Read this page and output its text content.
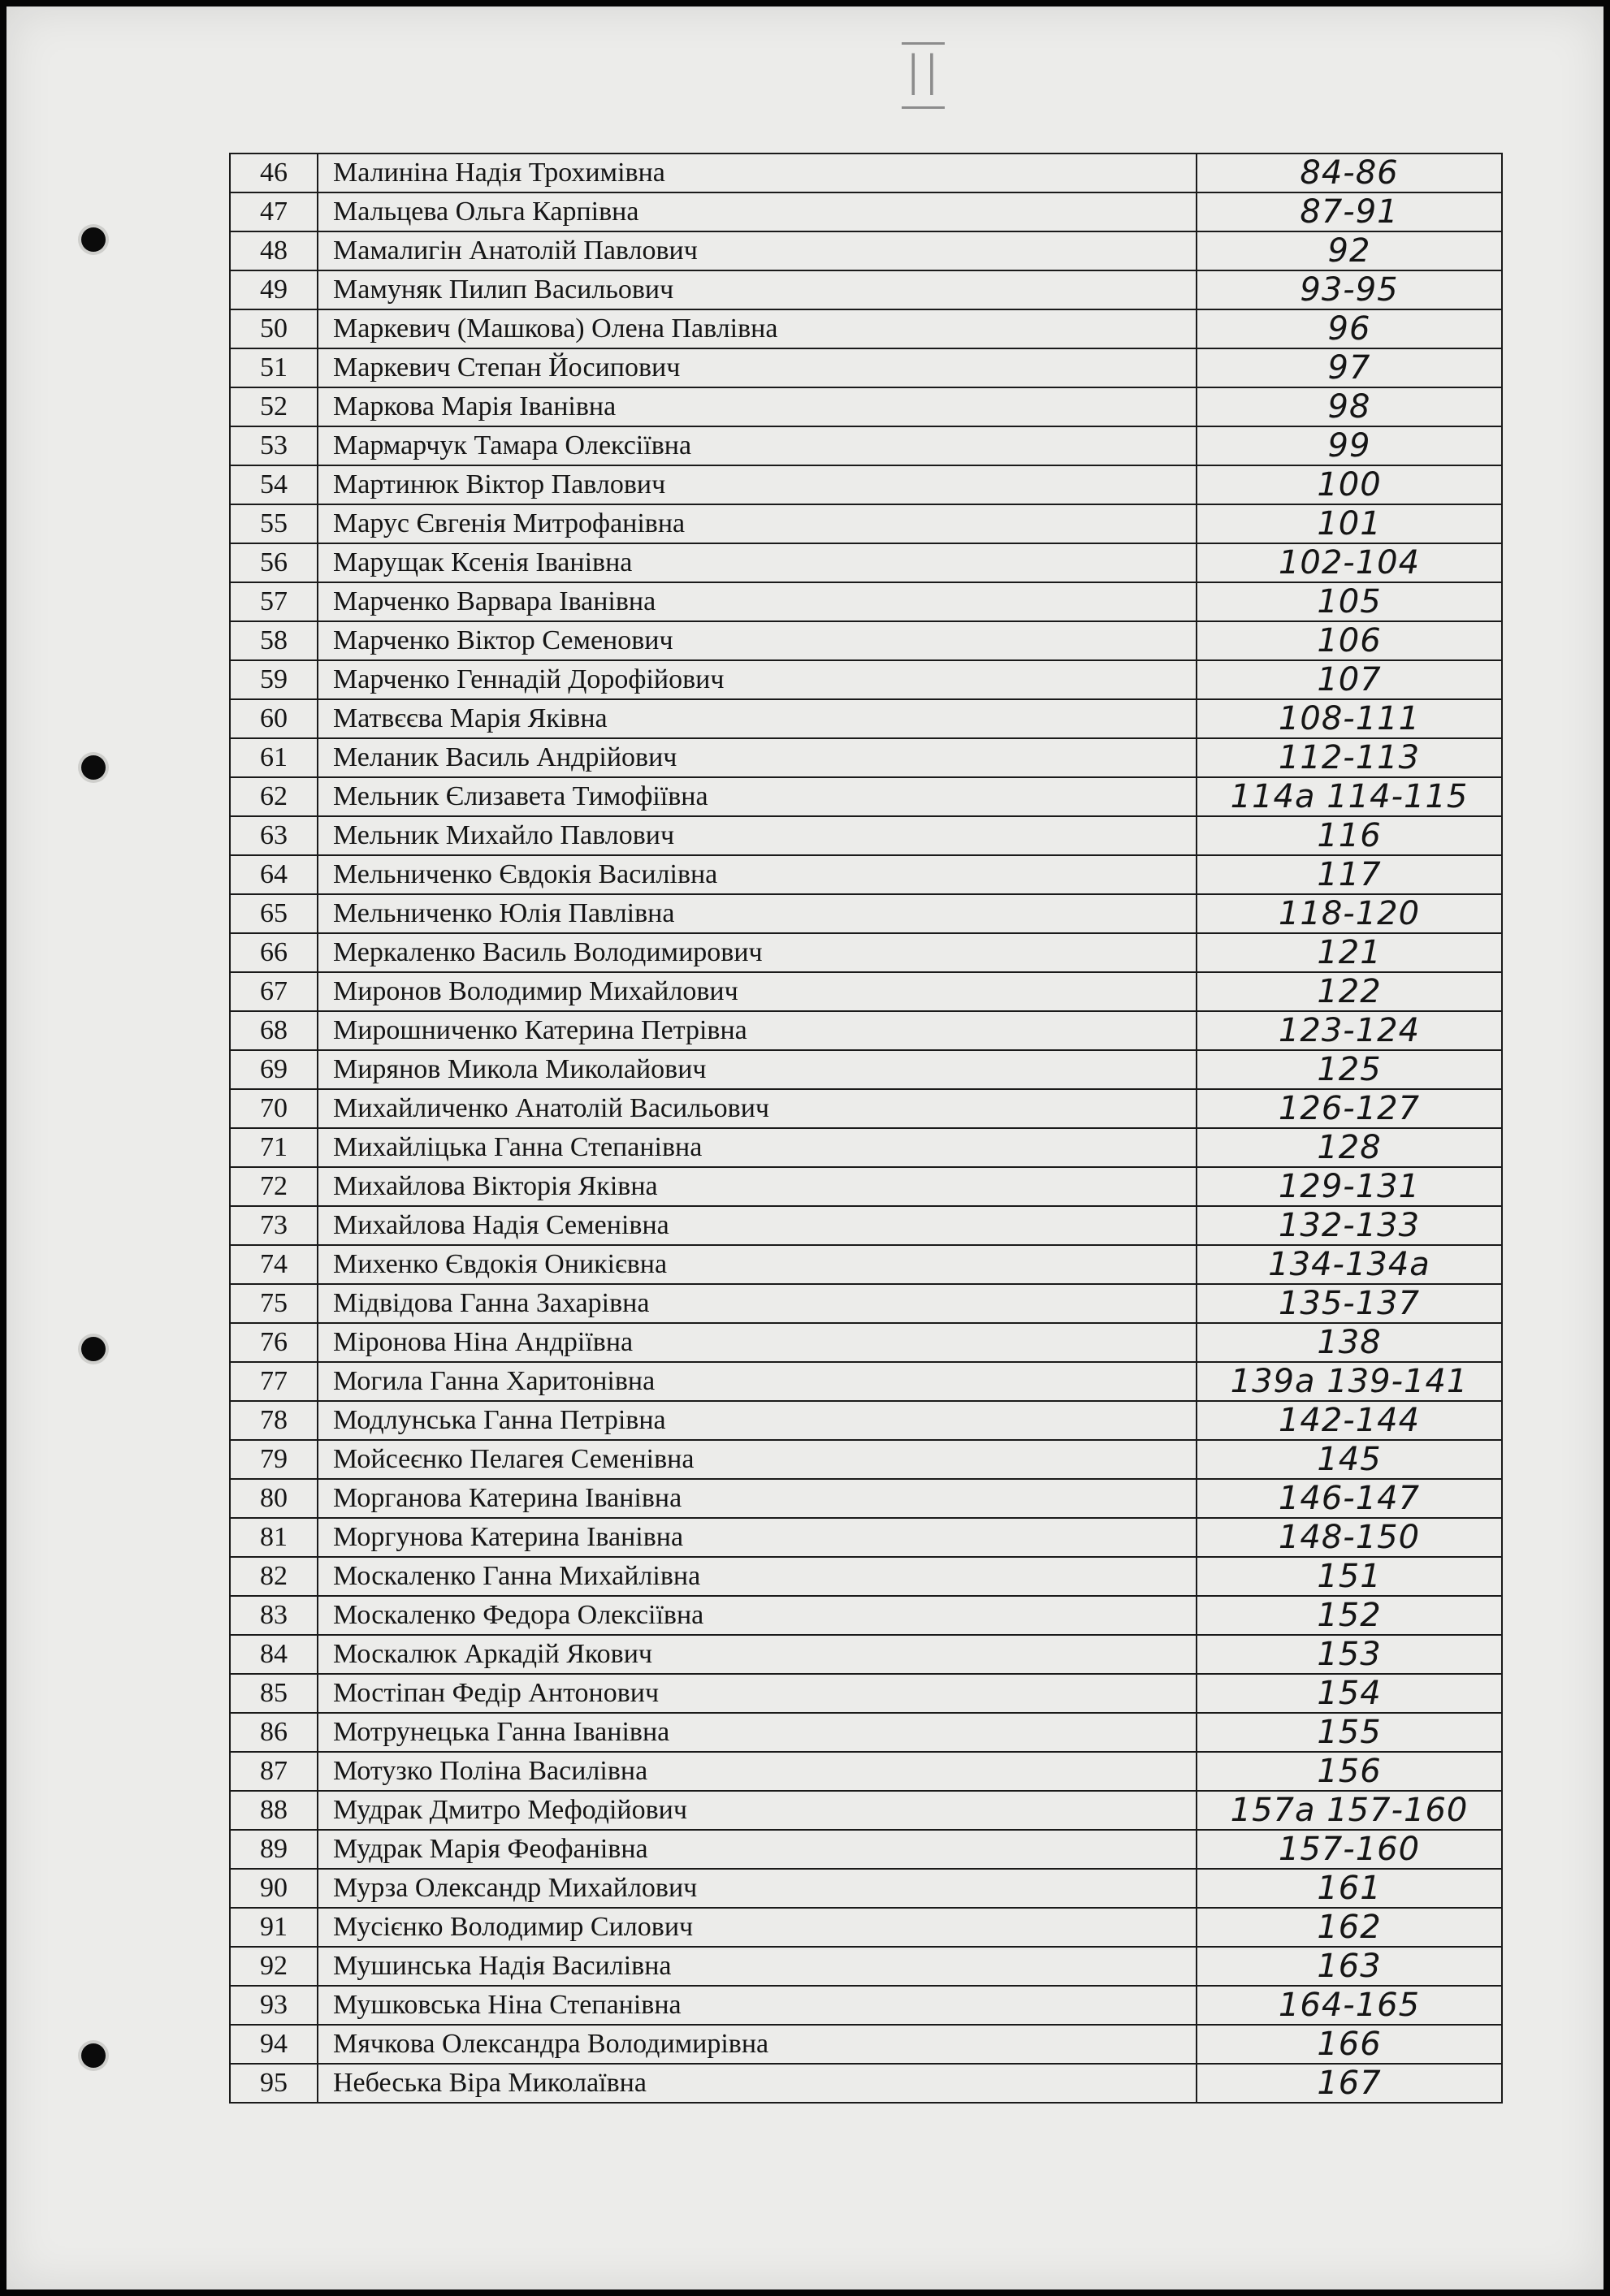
II
46	Малиніна Надія Трохимівна	84-86
47	Мальцева Ольга Карпівна	87-91
48	Мамалигін Анатолій Павлович	92
49	Мамуняк Пилип Васильович	93-95
50	Маркевич (Машкова) Олена Павлівна	96
51	Маркевич Степан Йосипович	97
52	Маркова Марія Іванівна	98
53	Мармарчук Тамара Олексіївна	99
54	Мартинюк Віктор Павлович	100
55	Марус Євгенія Митрофанівна	101
56	Марущак Ксенія Іванівна	102-104
57	Марченко Варвара Іванівна	105
58	Марченко Віктор Семенович	106
59	Марченко Геннадій Дорофійович	107
60	Матвєєва Марія Яківна	108-111
61	Меланик Василь Андрійович	112-113
62	Мельник Єлизавета Тимофіївна	114а 114-115
63	Мельник Михайло Павлович	116
64	Мельниченко Євдокія Василівна	117
65	Мельниченко Юлія Павлівна	118-120
66	Меркаленко Василь Володимирович	121
67	Миронов Володимир Михайлович	122
68	Мирошниченко Катерина Петрівна	123-124
69	Мирянов Микола Миколайович	125
70	Михайличенко Анатолій Васильович	126-127
71	Михайліцька Ганна Степанівна	128
72	Михайлова Вікторія Яківна	129-131
73	Михайлова Надія Семенівна	132-133
74	Михенко Євдокія Оникієвна	134-134а
75	Мідвідова Ганна Захарівна	135-137
76	Міронова Ніна Андріївна	138
77	Могила Ганна Харитонівна	139а 139-141
78	Модлунська Ганна Петрівна	142-144
79	Мойсеєнко Пелагея Семенівна	145
80	Морганова Катерина Іванівна	146-147
81	Моргунова Катерина Іванівна	148-150
82	Москаленко Ганна Михайлівна	151
83	Москаленко Федора Олексіївна	152
84	Москалюк Аркадій Якович	153
85	Мостіпан Федір Антонович	154
86	Мотрунецька Ганна Іванівна	155
87	Мотузко Поліна Василівна	156
88	Мудрак Дмитро Мефодійович	157а 157-160
89	Мудрак Марія Феофанівна	157-160
90	Мурза Олександр Михайлович	161
91	Мусієнко Володимир Силович	162
92	Мушинська Надія Василівна	163
93	Мушковська Ніна Степанівна	164-165
94	Мячкова Олександра Володимирівна	166
95	Небеська Віра Миколаївна	167
